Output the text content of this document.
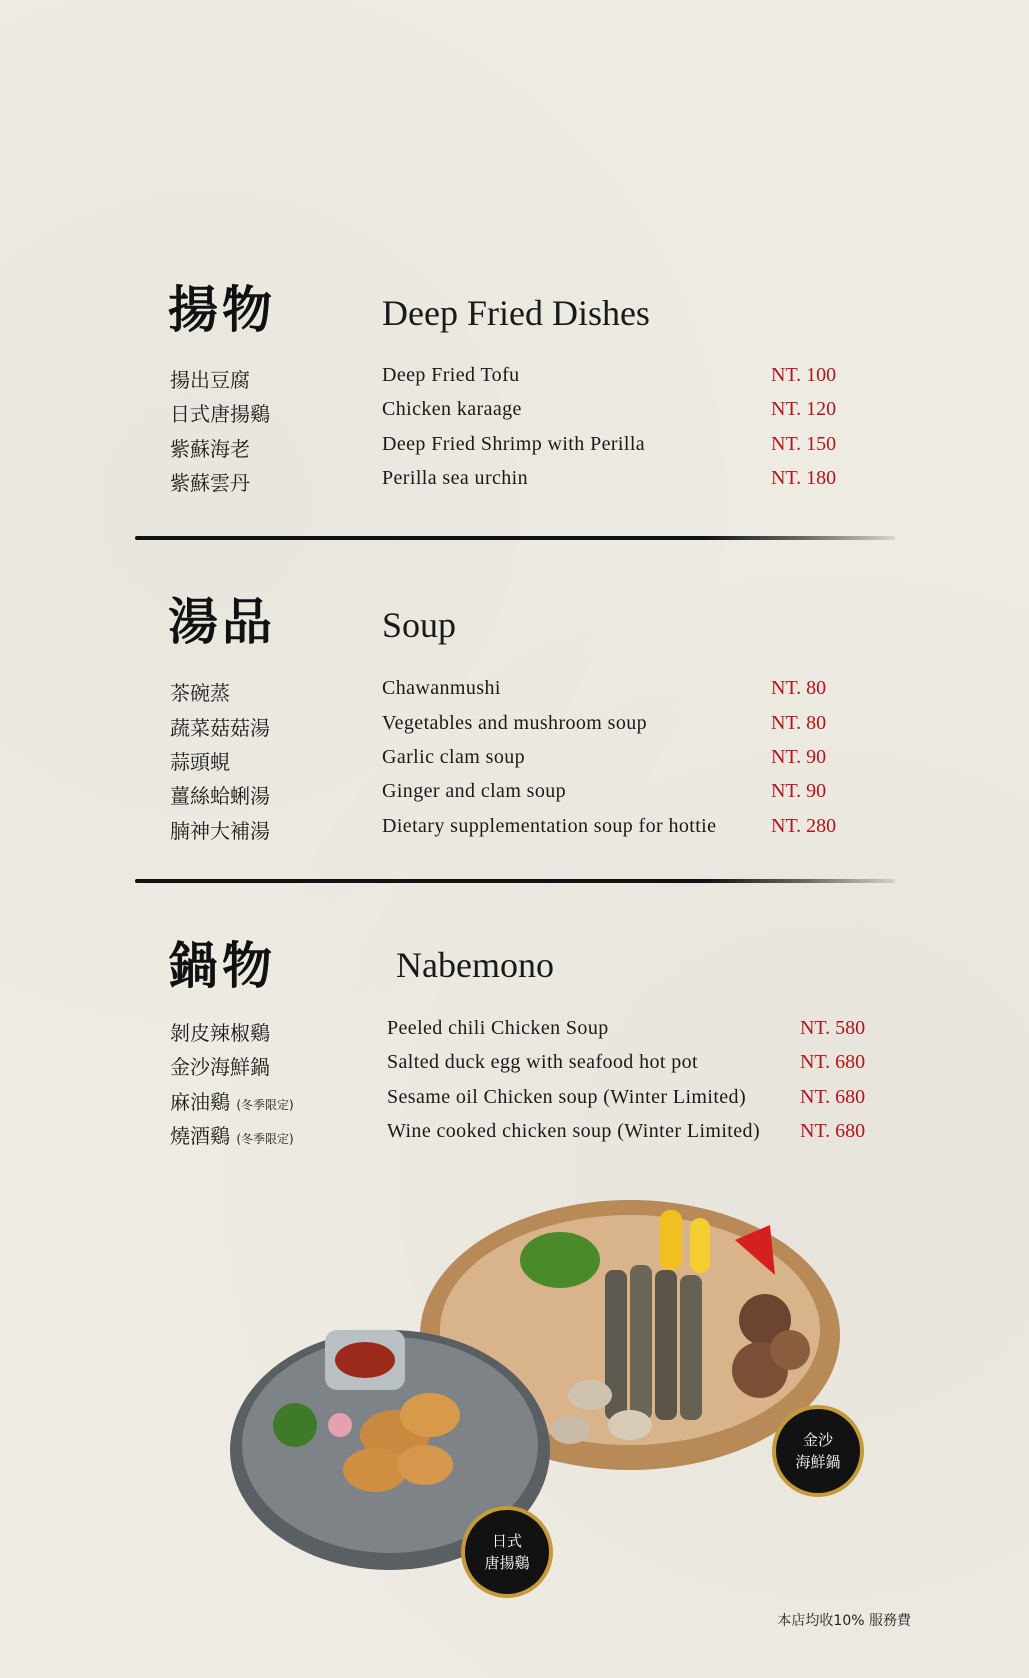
揚物	Deep Fried Dishes
揚出豆腐	Deep Fried Tofu	NT. 100
日式唐揚鷄	Chicken karaage	NT. 120
紫蘇海老	Deep Fried Shrimp with Perilla	NT. 150
紫蘇雲丹	Perilla sea urchin	NT. 180
湯品	Soup
茶碗蒸	Chawanmushi	NT. 80
蔬菜菇菇湯	Vegetables and mushroom soup	NT. 80
蒜頭蜆	Garlic clam soup	NT. 90
薑絲蛤蜊湯	Ginger and clam soup	NT. 90
腩神大補湯	Dietary supplementation soup for hottie	NT. 280
鍋物	Nabemono
剝皮辣椒鷄	Peeled chili Chicken Soup	NT. 580
金沙海鮮鍋	Salted duck egg with seafood hot pot	NT. 680
麻油鷄 (冬季限定)	Sesame oil Chicken soup (Winter Limited)	NT. 680
燒酒鷄 (冬季限定)	Wine cooked chicken soup (Winter Limited) NT. 680
金沙
海鮮鍋
日式
唐揚鷄
本店均收10% 服務費
